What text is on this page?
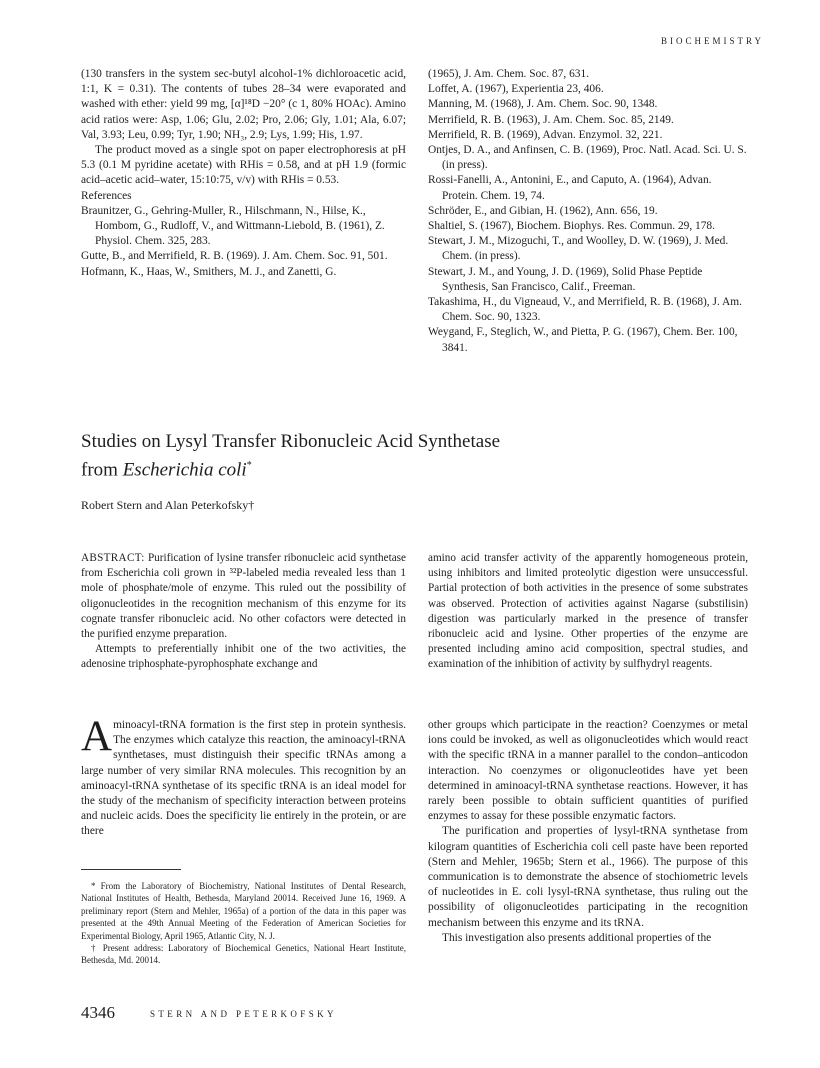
BIOCHEMISTRY

(130 transfers in the system sec-butyl alcohol-1% dichloroacetic acid, 1:1, K = 0.31). The contents of tubes 28–34 were evaporated and washed with ether: yield 99 mg, [α]¹⁸D −20° (c 1, 80% HOAc). Amino acid ratios were: Asp, 1.06; Glu, 2.02; Pro, 2.06; Gly, 1.01; Ala, 6.07; Val, 3.93; Leu, 0.99; Tyr, 1.90; NH₃, 2.9; Lys, 1.99; His, 1.97.

The product moved as a single spot on paper electrophoresis at pH 5.3 (0.1 M pyridine acetate) with RHis = 0.58, and at pH 1.9 (formic acid–acetic acid–water, 15:10:75, v/v) with RHis = 0.53.

References

Braunitzer, G., Gehring-Muller, R., Hilschmann, N., Hilse, K., Hombom, G., Rudloff, V., and Wittmann-Liebold, B. (1961), Z. Physiol. Chem. 325, 283.

Gutte, B., and Merrifield, R. B. (1969). J. Am. Chem. Soc. 91, 501.

Hofmann, K., Haas, W., Smithers, M. J., and Zanetti, G.

(1965), J. Am. Chem. Soc. 87, 631.

Loffet, A. (1967), Experientia 23, 406.

Manning, M. (1968), J. Am. Chem. Soc. 90, 1348.

Merrifield, R. B. (1963), J. Am. Chem. Soc. 85, 2149.

Merrifield, R. B. (1969), Advan. Enzymol. 32, 221.

Ontjes, D. A., and Anfinsen, C. B. (1969), Proc. Natl. Acad. Sci. U. S. (in press).

Rossi-Fanelli, A., Antonini, E., and Caputo, A. (1964), Advan. Protein. Chem. 19, 74.

Schröder, E., and Gibian, H. (1962), Ann. 656, 19.

Shaltiel, S. (1967), Biochem. Biophys. Res. Commun. 29, 178.

Stewart, J. M., Mizoguchi, T., and Woolley, D. W. (1969), J. Med. Chem. (in press).

Stewart, J. M., and Young, J. D. (1969), Solid Phase Peptide Synthesis, San Francisco, Calif., Freeman.

Takashima, H., du Vigneaud, V., and Merrifield, R. B. (1968), J. Am. Chem. Soc. 90, 1323.

Weygand, F., Steglich, W., and Pietta, P. G. (1967), Chem. Ber. 100, 3841.

Studies on Lysyl Transfer Ribonucleic Acid Synthetase
from Escherichia coli*
Robert Stern and Alan Peterkofsky†

ABSTRACT: Purification of lysine transfer ribonucleic acid synthetase from Escherichia coli grown in ³²P-labeled media revealed less than 1 mole of phosphate/mole of enzyme. This ruled out the possibility of oligonucleotides in the recognition mechanism of this enzyme for its cognate transfer ribonucleic acid. No other cofactors were detected in the purified enzyme preparation.

Attempts to preferentially inhibit one of the two activities, the adenosine triphosphate-pyrophosphate exchange and

amino acid transfer activity of the apparently homogeneous protein, using inhibitors and limited proteolytic digestion were unsuccessful. Partial protection of both activities in the presence of some substrates was observed. Protection of activities against Nagarse (substilisin) digestion was particularly marked in the presence of transfer ribonucleic acid and lysine. Other properties of the enzyme are presented including amino acid composition, spectral studies, and examination of the inhibition of activity by sulfhydryl reagents.

Aminoacyl-tRNA formation is the first step in protein synthesis. The enzymes which catalyze this reaction, the aminoacyl-tRNA synthetases, must distinguish their specific tRNAs among a large number of very similar RNA molecules. This recognition by an aminoacyl-tRNA synthetase of its specific tRNA is an ideal model for the study of the mechanism of specificity interaction between proteins and nucleic acids. Does the specificity lie entirely in the protein, or are there

other groups which participate in the reaction? Coenzymes or metal ions could be invoked, as well as oligonucleotides which would react with the specific tRNA in a manner parallel to the condon–anticodon interaction. No coenzymes or oligonucleotides have yet been determined in aminoacyl-tRNA synthetase reactions. However, it has rarely been possible to obtain sufficient quantities of purified enzymes to assay for these possible enzymatic factors.

The purification and properties of lysyl-tRNA synthetase from kilogram quantities of Escherichia coli cell paste have been reported (Stern and Mehler, 1965b; Stern et al., 1966). The purpose of this communication is to demonstrate the absence of stochiometric levels of nucleotides in E. coli lysyl-tRNA synthetase, thus ruling out the possibility of oligonucleotides participating in the recognition mechanism between this enzyme and its tRNA.

This investigation also presents additional properties of the

* From the Laboratory of Biochemistry, National Institutes of Dental Research, National Institutes of Health, Bethesda, Maryland 20014. Received June 16, 1969. A preliminary report (Stern and Mehler, 1965a) of a portion of the data in this paper was presented at the 49th Annual Meeting of the Federation of American Societies for Experimental Biology, April 1965, Atlantic City, N. J.

† Present address: Laboratory of Biochemical Genetics, National Heart Institute, Bethesda, Md. 20014.

4346	STERN AND PETERKOFSKY
